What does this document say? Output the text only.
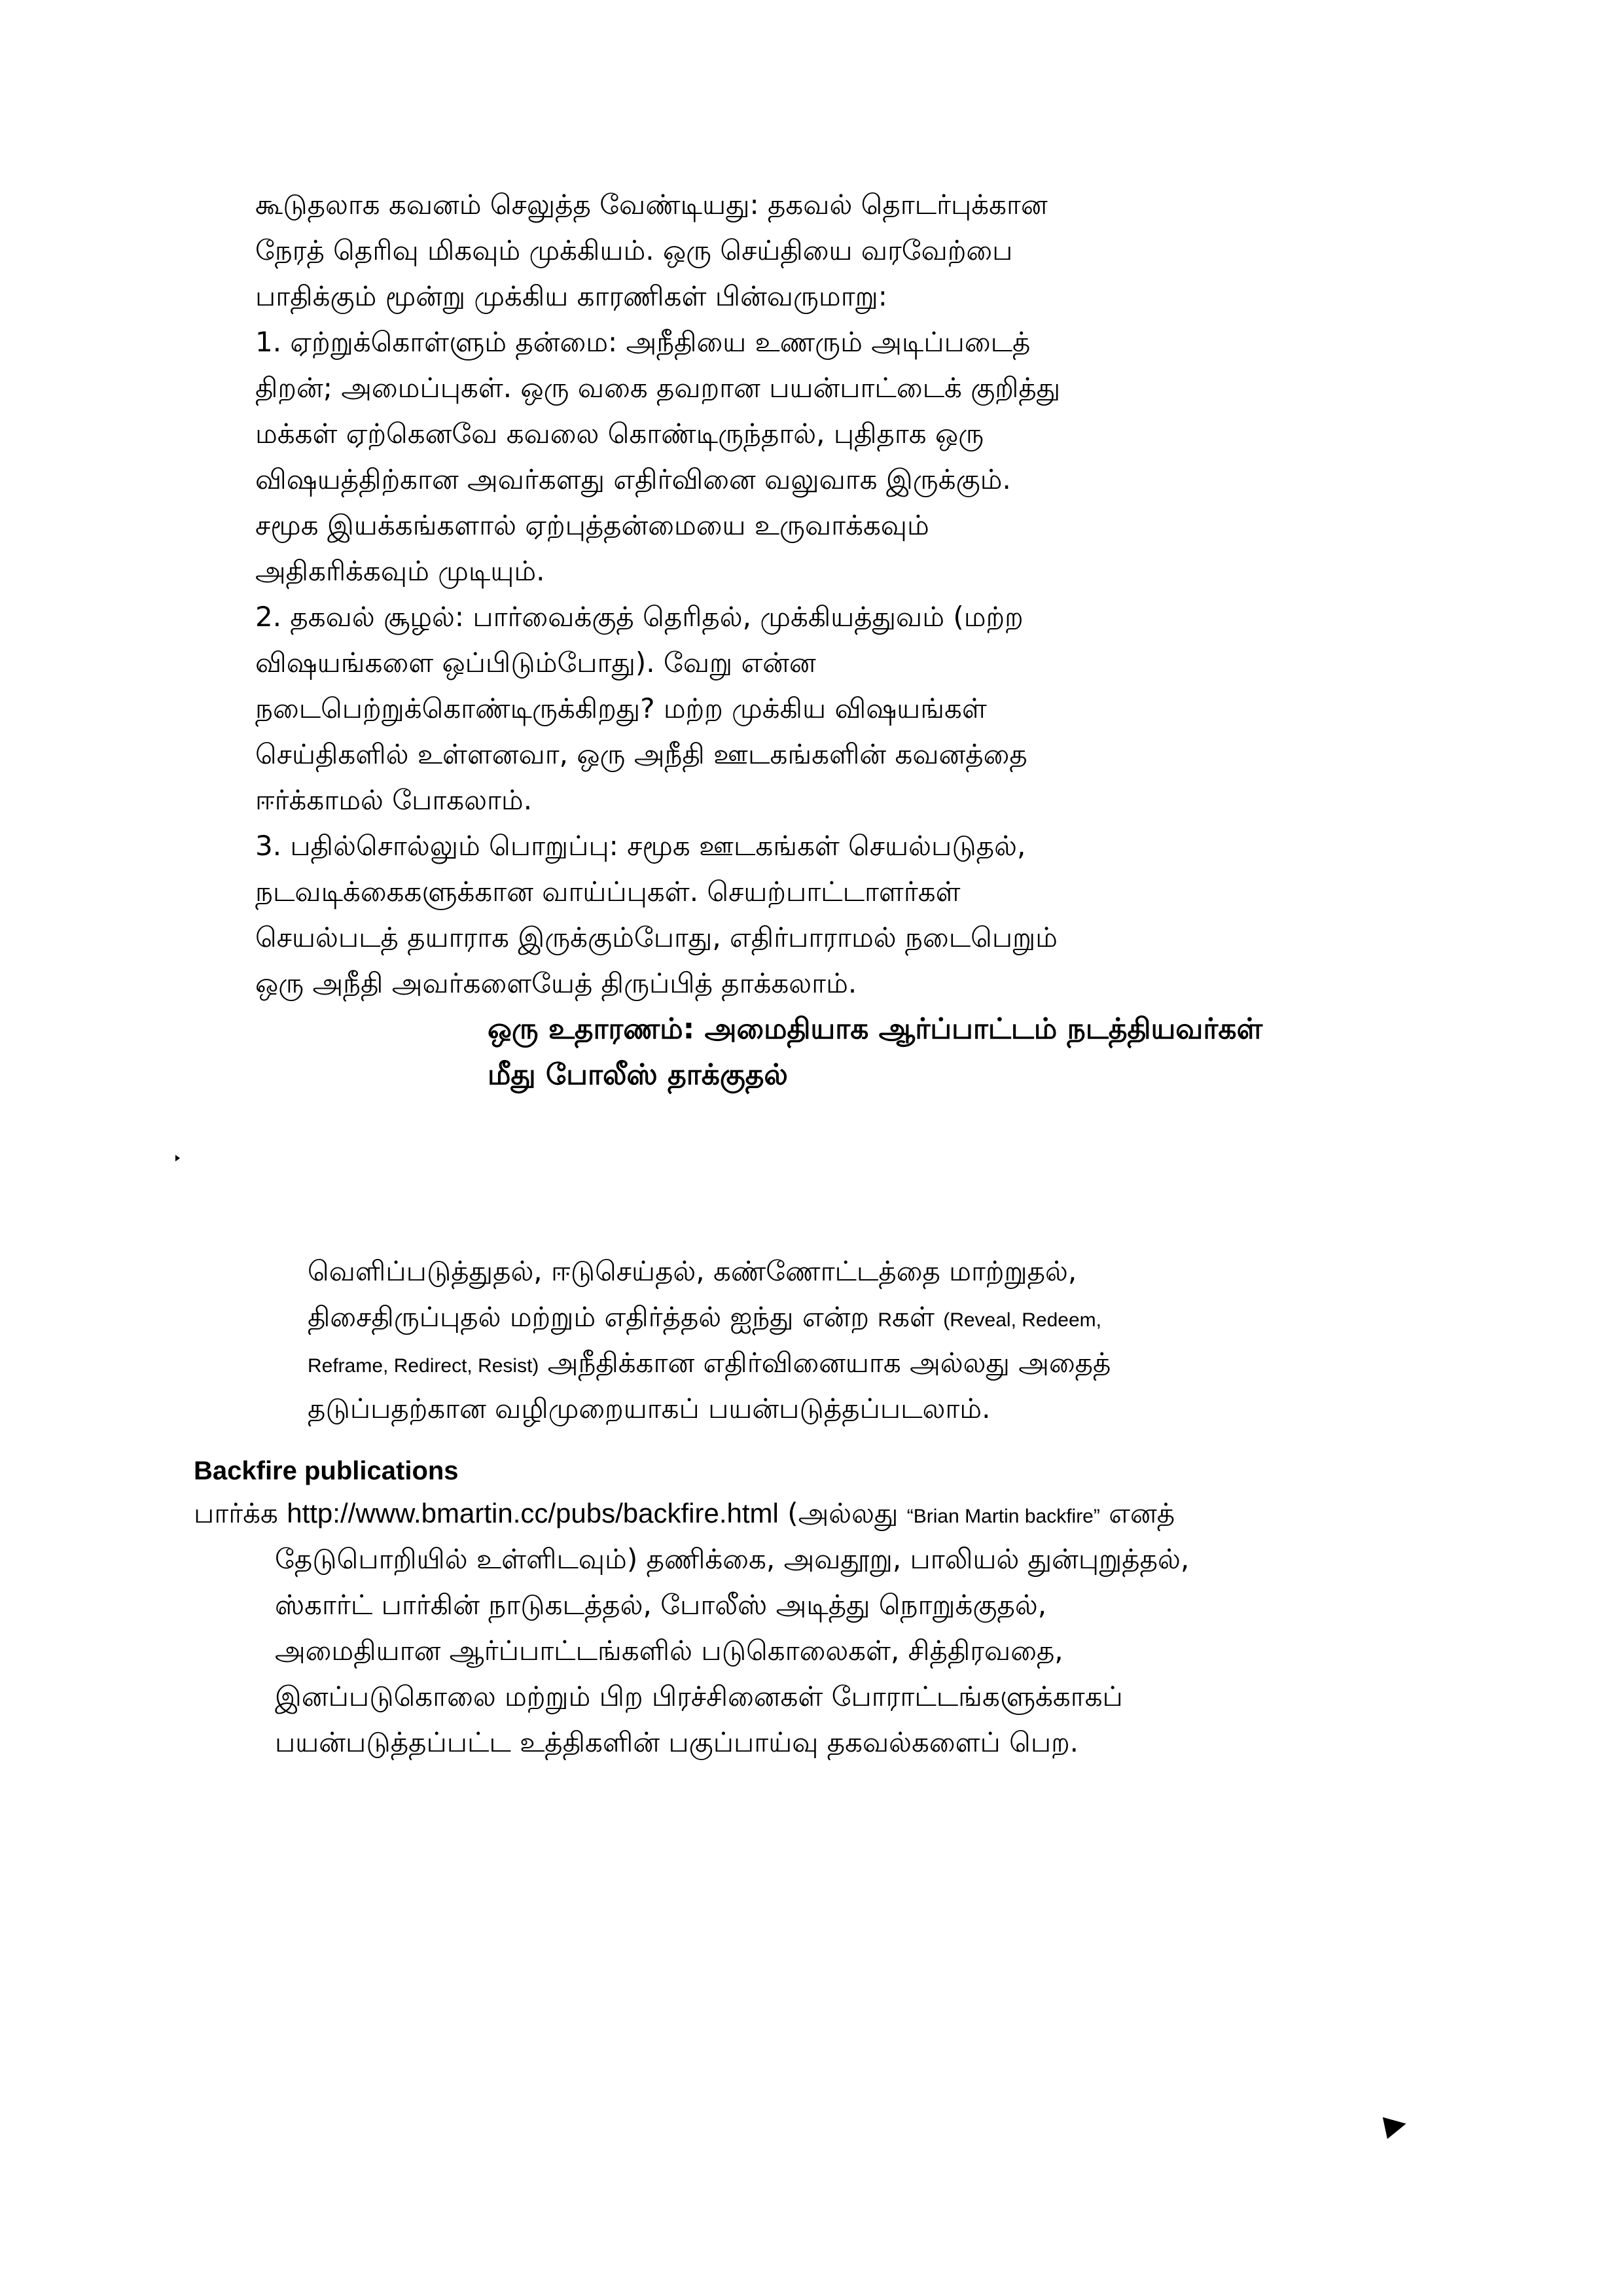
கூடுதலாக கவனம் செலுத்த வேண்டியது: தகவல் தொடர்புக்கான
நேரத் தெரிவு மிகவும் முக்கியம். ஒரு செய்தியை வரவேற்பை
பாதிக்கும் மூன்று முக்கிய காரணிகள் பின்வருமாறு:
1. ஏற்றுக்கொள்ளும் தன்மை: அநீதியை உணரும் அடிப்படைத்
திறன்; அமைப்புகள். ஒரு வகை தவறான பயன்பாட்டைக் குறித்து
மக்கள் ஏற்கெனவே கவலை கொண்டிருந்தால், புதிதாக ஒரு
விஷயத்திற்கான அவர்களது எதிர்வினை வலுவாக இருக்கும்.
சமூக இயக்கங்களால் ஏற்புத்தன்மையை உருவாக்கவும்
அதிகரிக்கவும் முடியும்.
2. தகவல் சூழல்: பார்வைக்குத் தெரிதல், முக்கியத்துவம் (மற்ற
விஷயங்களை ஒப்பிடும்போது). வேறு என்ன
நடைபெற்றுக்கொண்டிருக்கிறது? மற்ற முக்கிய விஷயங்கள்
செய்திகளில் உள்ளனவா, ஒரு அநீதி ஊடகங்களின் கவனத்தை
ஈர்க்காமல் போகலாம்.
3. பதில்சொல்லும் பொறுப்பு: சமூக ஊடகங்கள் செயல்படுதல்,
நடவடிக்கைகளுக்கான வாய்ப்புகள். செயற்பாட்டாளர்கள்
செயல்படத் தயாராக இருக்கும்போது, எதிர்பாராமல் நடைபெறும்
ஒரு அநீதி அவர்களையேத் திருப்பித் தாக்கலாம்.
ஒரு உதாரணம்: அமைதியாக ஆர்ப்பாட்டம் நடத்தியவர்கள்
மீது போலீஸ் தாக்குதல்
வெளிப்படுத்துதல், ஈடுசெய்தல், கண்ணோட்டத்தை மாற்றுதல்,
திசைதிருப்புதல் மற்றும் எதிர்த்தல் ஐந்து என்ற Rகள் (Reveal, Redeem,
Reframe, Redirect, Resist) அநீதிக்கான எதிர்வினையாக அல்லது அதைத்
தடுப்பதற்கான வழிமுறையாகப் பயன்படுத்தப்படலாம்.
Backfire publications
பார்க்க http://www.bmartin.cc/pubs/backfire.html (அல்லது “Brian Martin backfire” எனத்
தேடுபொறியில் உள்ளிடவும்) தணிக்கை, அவதூறு, பாலியல் துன்புறுத்தல்,
ஸ்கார்ட் பார்கின் நாடுகடத்தல், போலீஸ் அடித்து நொறுக்குதல்,
அமைதியான ஆர்ப்பாட்டங்களில் படுகொலைகள், சித்திரவதை,
இனப்படுகொலை மற்றும் பிற பிரச்சினைகள் போராட்டங்களுக்காகப்
பயன்படுத்தப்பட்ட உத்திகளின் பகுப்பாய்வு தகவல்களைப் பெற.
